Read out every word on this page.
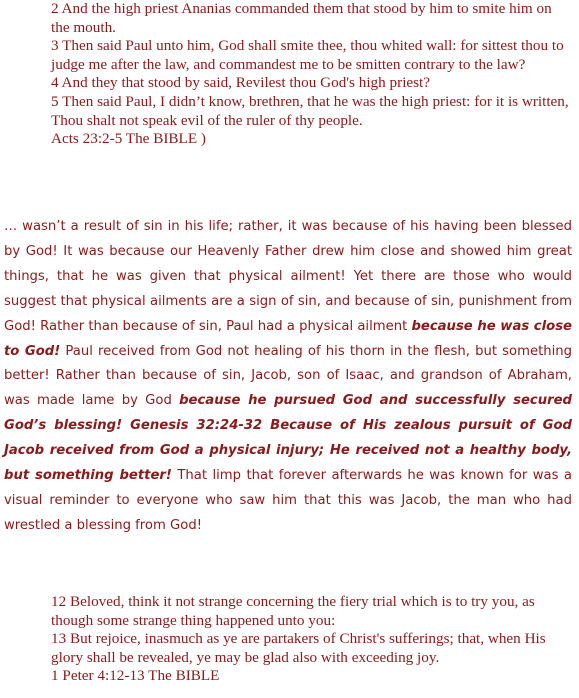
2 And the high priest Ananias commanded them that stood by him to smite him on the mouth.

3 Then said Paul unto him, God shall smite thee, thou whited wall: for sittest thou to judge me after the law, and commandest me to be smitten contrary to the law?

4 And they that stood by said, Revilest thou God's high priest?

5 Then said Paul, I didn’t know, brethren, that he was the high priest: for it is written, Thou shalt not speak evil of the ruler of thy people.

Acts 23:2-5 The BIBLE )

… wasn’t a result of sin in his life; rather, it was because of his having been blessed by God! It was because our Heavenly Father drew him close and showed him great things, that he was given that physical ailment! Yet there are those who would suggest that physical ailments are a sign of sin, and because of sin, punishment from God! Rather than because of sin, Paul had a physical ailment because he was close to God! Paul received from God not healing of his thorn in the flesh, but something better! Rather than because of sin, Jacob, son of Isaac, and grandson of Abraham, was made lame by God because he pursued God and successfully secured God’s blessing! Genesis 32:24-32 Because of His zealous pursuit of God Jacob received from God a physical injury; He received not a healthy body, but something better! That limp that forever afterwards he was known for was a visual reminder to everyone who saw him that this was Jacob, the man who had wrestled a blessing from God!

12 Beloved, think it not strange concerning the fiery trial which is to try you, as though some strange thing happened unto you:

13 But rejoice, inasmuch as ye are partakers of Christ's sufferings; that, when His glory shall be revealed, ye may be glad also with exceeding joy.

1 Peter 4:12-13 The BIBLE
